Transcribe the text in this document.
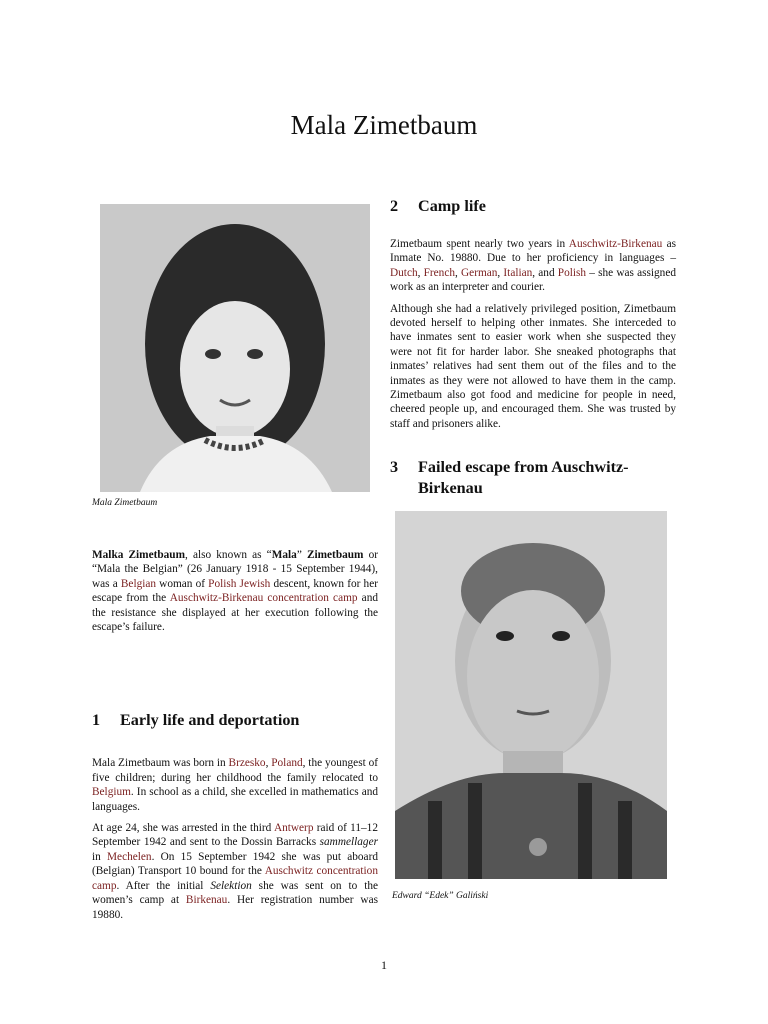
Mala Zimetbaum

Mala Zimetbaum

Malka Zimetbaum, also known as “Mala” Zimetbaum or “Mala the Belgian” (26 January 1918 - 15 September 1944), was a Belgian woman of Polish Jewish descent, known for her escape from the Auschwitz-Birkenau concentration camp and the resistance she displayed at her execution following the escape’s failure.

1	Early life and deportation

Mala Zimetbaum was born in Brzesko, Poland, the youngest of five children; during her childhood the family relocated to Belgium. In school as a child, she excelled in mathematics and languages.

At age 24, she was arrested in the third Antwerp raid of 11–12 September 1942 and sent to the Dossin Barracks sammellager in Mechelen. On 15 September 1942 she was put aboard (Belgian) Transport 10 bound for the Auschwitz concentration camp. After the initial Selektion she was sent on to the women’s camp at Birkenau. Her registration number was 19880.

2	Camp life

Zimetbaum spent nearly two years in Auschwitz-Birkenau as Inmate No. 19880. Due to her proficiency in languages – Dutch, French, German, Italian, and Polish – she was assigned work as an interpreter and courier.

Although she had a relatively privileged position, Zimetbaum devoted herself to helping other inmates. She interceded to have inmates sent to easier work when she suspected they were not fit for harder labor. She sneaked photographs that inmates’ relatives had sent them out of the files and to the inmates as they were not allowed to have them in the camp. Zimetbaum also got food and medicine for people in need, cheered people up, and encouraged them. She was trusted by staff and prisoners alike.

3	Failed escape from Auschwitz-Birkenau

Edward “Edek” Galiński

1
